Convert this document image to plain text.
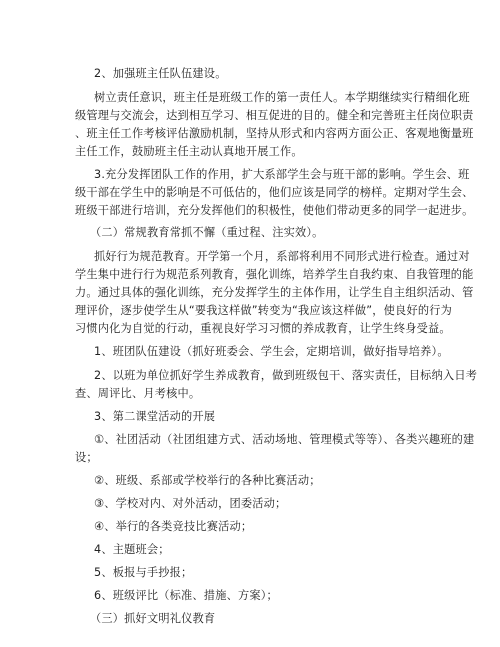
2、加强班主任队伍建设。
树立责任意识，班主任是班级工作的第一责任人。本学期继续实行精细化班
级管理与交流会，达到相互学习、相互促进的目的。健全和完善班主任岗位职责
、班主任工作考核评估激励机制，坚持从形式和内容两方面公正、客观地衡量班
主任工作，鼓励班主任主动认真地开展工作。
3.充分发挥团队工作的作用，扩大系部学生会与班干部的影响。学生会、班
级干部在学生中的影响是不可低估的，他们应该是同学的榜样。定期对学生会、
班级干部进行培训，充分发挥他们的积极性，使他们带动更多的同学一起进步。
（二）常规教育常抓不懈（重过程、注实效）。
抓好行为规范教育。开学第一个月，系部将利用不同形式进行检查。通过对
学生集中进行行为规范系列教育，强化训练，培养学生自我约束、自我管理的能
力。通过具体的强化训练，充分发挥学生的主体作用，让学生自主组织活动、管
理评价，逐步使学生从“要我这样做”转变为“我应该这样做”，使良好的行为
习惯内化为自觉的行动，重视良好学习习惯的养成教育，让学生终身受益。
1、班团队伍建设（抓好班委会、学生会，定期培训，做好指导培养）。
2、以班为单位抓好学生养成教育，做到班级包干、落实责任，目标纳入日考
查、周评比、月考核中。
3、第二课堂活动的开展
①、社团活动（社团组建方式、活动场地、管理模式等等）、各类兴趣班的建
设；
②、班级、系部或学校举行的各种比赛活动；
③、学校对内、对外活动，团委活动；
④、举行的各类竞技比赛活动；
4、主题班会；
5、板报与手抄报；
6、班级评比（标准、措施、方案）；
（三）抓好文明礼仪教育
